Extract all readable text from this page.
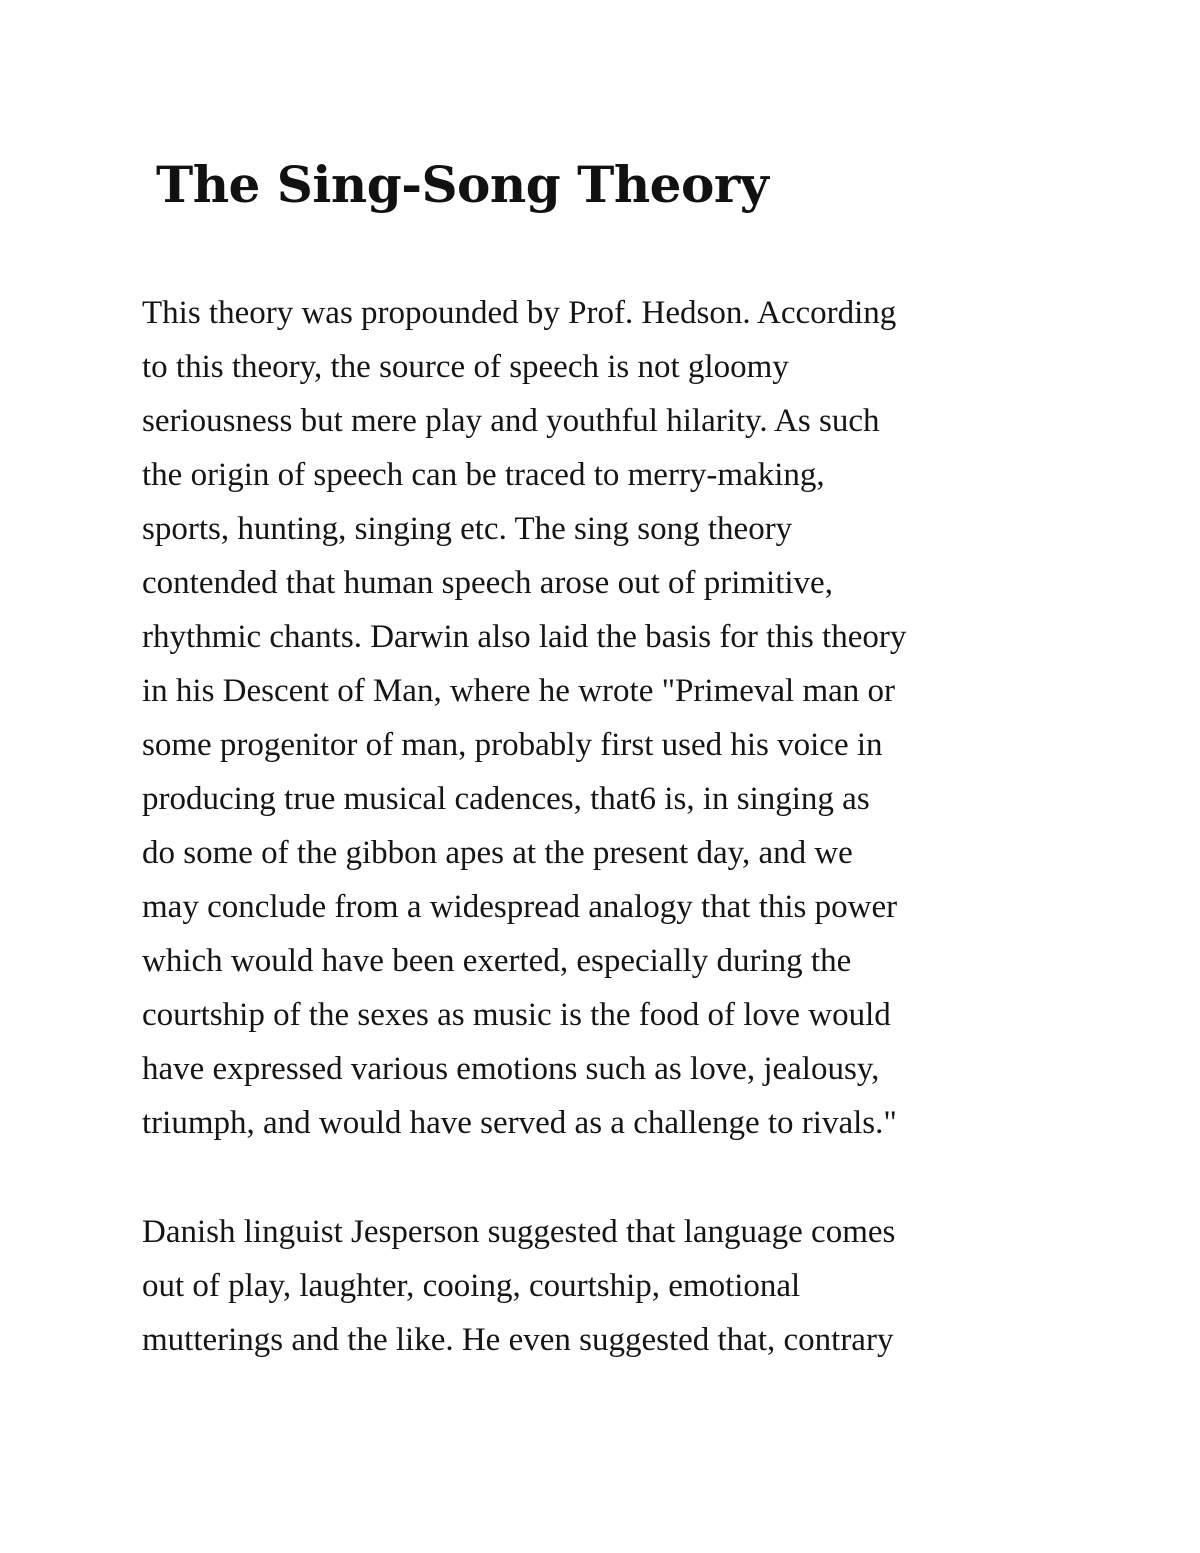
The Sing-Song Theory
This theory was propounded by Prof. Hedson. According
to this theory, the source of speech is not gloomy
seriousness but mere play and youthful hilarity. As such
the origin of speech can be traced to merry-making,
sports, hunting, singing etc. The sing song theory
contended that human speech arose out of primitive,
rhythmic chants. Darwin also laid the basis for this theory
in his Descent of Man, where he wrote "Primeval man or
some progenitor of man, probably first used his voice in
producing true musical cadences, that6 is, in singing as
do some of the gibbon apes at the present day, and we
may conclude from a widespread analogy that this power
which would have been exerted, especially during the
courtship of the sexes as music is the food of love would
have expressed various emotions such as love, jealousy,
triumph, and would have served as a challenge to rivals."
Danish linguist Jesperson suggested that language comes
out of play, laughter, cooing, courtship, emotional
mutterings and the like. He even suggested that, contrary
